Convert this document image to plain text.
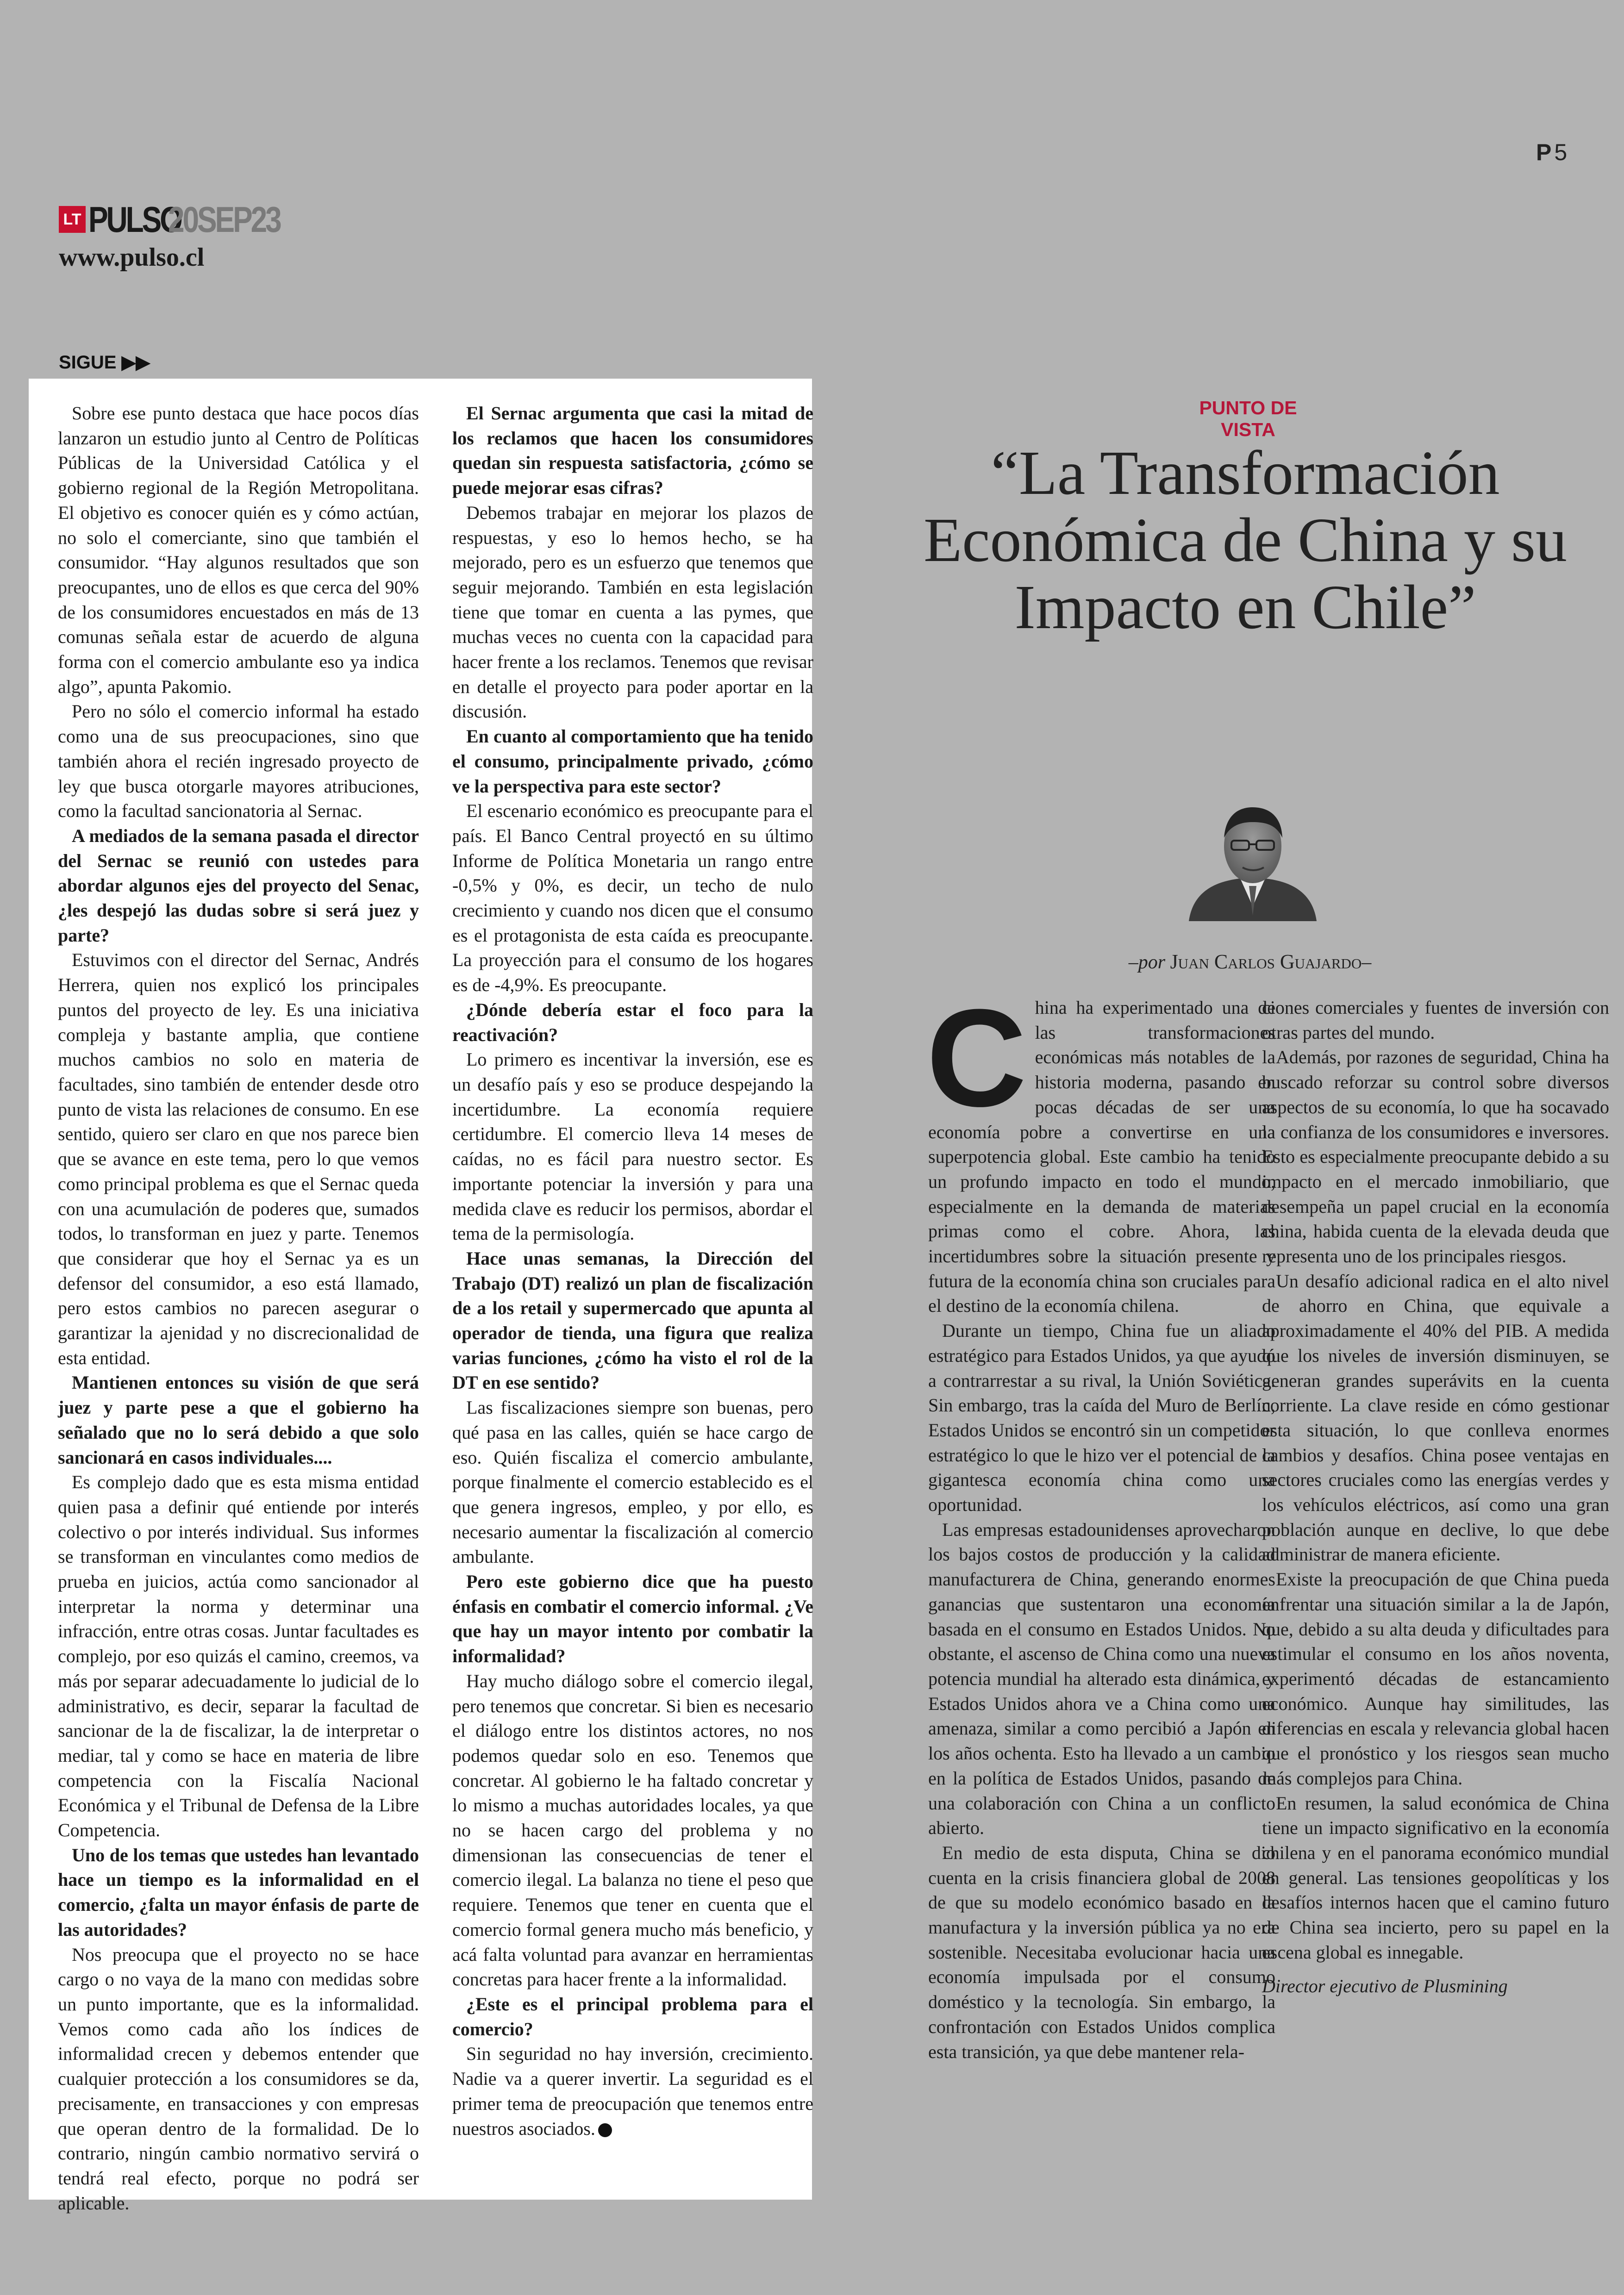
P 5
LT PULSO
20SEP23
www.pulso.cl
SIGUE ▶▶

Sobre ese punto destaca que hace pocos días lanzaron un estudio junto al Centro de Políticas Públicas de la Universidad Católica y el gobierno regional de la Región Metropolitana. El objetivo es conocer quién es y cómo actúan, no solo el comerciante, sino que también el consumidor. “Hay algunos resultados que son preocupantes, uno de ellos es que cerca del 90% de los consumidores encuestados en más de 13 comunas señala estar de acuerdo de alguna forma con el comercio ambulante eso ya indica algo”, apunta Pakomio.

Pero no sólo el comercio informal ha estado como una de sus preocupaciones, sino que también ahora el recién ingresado proyecto de ley que busca otorgarle mayores atribuciones, como la facultad sancionatoria al Sernac.

A mediados de la semana pasada el director del Sernac se reunió con ustedes para abordar algunos ejes del proyecto del Senac, ¿les despejó las dudas sobre si será juez y parte?

Estuvimos con el director del Sernac, Andrés Herrera, quien nos explicó los principales puntos del proyecto de ley. Es una iniciativa compleja y bastante amplia, que contiene muchos cambios no solo en materia de facultades, sino también de entender desde otro punto de vista las relaciones de consumo. En ese sentido, quiero ser claro en que nos parece bien que se avance en este tema, pero lo que vemos como principal problema es que el Sernac queda con una acumulación de poderes que, sumados todos, lo transforman en juez y parte. Tenemos que considerar que hoy el Sernac ya es un defensor del consumidor, a eso está llamado, pero estos cambios no parecen asegurar o garantizar la ajenidad y no discrecionalidad de esta entidad.

Mantienen entonces su visión de que será juez y parte pese a que el gobierno ha señalado que no lo será debido a que solo sancionará en casos individuales....

Es complejo dado que es esta misma entidad quien pasa a definir qué entiende por interés colectivo o por interés individual. Sus informes se transforman en vinculantes como medios de prueba en juicios, actúa como sancionador al interpretar la norma y determinar una infracción, entre otras cosas. Juntar facultades es complejo, por eso quizás el camino, creemos, va más por separar adecuadamente lo judicial de lo administrativo, es decir, separar la facultad de sancionar de la de fiscalizar, la de interpretar o mediar, tal y como se hace en materia de libre competencia con la Fiscalía Nacional Económica y el Tribunal de Defensa de la Libre Competencia.

Uno de los temas que ustedes han levantado hace un tiempo es la informalidad en el comercio, ¿falta un mayor énfasis de parte de las autoridades?

Nos preocupa que el proyecto no se hace cargo o no vaya de la mano con medidas sobre un punto importante, que es la informalidad. Vemos como cada año los índices de informalidad crecen y debemos entender que cualquier protección a los consumidores se da, precisamente, en transacciones y con empresas que operan dentro de la formalidad. De lo contrario, ningún cambio normativo servirá o tendrá real efecto, porque no podrá ser aplicable.

El Sernac argumenta que casi la mitad de los reclamos que hacen los consumidores quedan sin respuesta satisfactoria, ¿cómo se puede mejorar esas cifras?

Debemos trabajar en mejorar los plazos de respuestas, y eso lo hemos hecho, se ha mejorado, pero es un esfuerzo que tenemos que seguir mejorando. También en esta legislación tiene que tomar en cuenta a las pymes, que muchas veces no cuenta con la capacidad para hacer frente a los reclamos. Tenemos que revisar en detalle el proyecto para poder aportar en la discusión.

En cuanto al comportamiento que ha tenido el consumo, principalmente privado, ¿cómo ve la perspectiva para este sector?

El escenario económico es preocupante para el país. El Banco Central proyectó en su último Informe de Política Monetaria un rango entre -0,5% y 0%, es decir, un techo de nulo crecimiento y cuando nos dicen que el consumo es el protagonista de esta caída es preocupante. La proyección para el consumo de los hogares es de -4,9%. Es preocupante.

¿Dónde debería estar el foco para la reactivación?

Lo primero es incentivar la inversión, ese es un desafío país y eso se produce despejando la incertidumbre. La economía requiere certidumbre. El comercio lleva 14 meses de caídas, no es fácil para nuestro sector. Es importante potenciar la inversión y para una medida clave es reducir los permisos, abordar el tema de la permisología.

Hace unas semanas, la Dirección del Trabajo (DT) realizó un plan de fiscalización de a los retail y supermercado que apunta al operador de tienda, una figura que realiza varias funciones, ¿cómo ha visto el rol de la DT en ese sentido?

Las fiscalizaciones siempre son buenas, pero qué pasa en las calles, quién se hace cargo de eso. Quién fiscaliza el comercio ambulante, porque finalmente el comercio establecido es el que genera ingresos, empleo, y por ello, es necesario aumentar la fiscalización al comercio ambulante.

Pero este gobierno dice que ha puesto énfasis en combatir el comercio informal. ¿Ve que hay un mayor intento por combatir la informalidad?

Hay mucho diálogo sobre el comercio ilegal, pero tenemos que concretar. Si bien es necesario el diálogo entre los distintos actores, no nos podemos quedar solo en eso. Tenemos que concretar. Al gobierno le ha faltado concretar y lo mismo a muchas autoridades locales, ya que no se hacen cargo del problema y no dimensionan las consecuencias de tener el comercio ilegal. La balanza no tiene el peso que requiere. Tenemos que tener en cuenta que el comercio formal genera mucho más beneficio, y acá falta voluntad para avanzar en herramientas concretas para hacer frente a la informalidad.

¿Este es el principal problema para el comercio?

Sin seguridad no hay inversión, crecimiento. Nadie va a querer invertir. La seguridad es el primer tema de preocupación que tenemos entre nuestros asociados.

PUNTO DE VISTA
“La Transformación Económica de China y su Impacto en Chile”
–por Juan Carlos Guajardo–

China ha experimentado una de las transformaciones económicas más notables de la historia moderna, pasando en pocas décadas de ser una economía pobre a convertirse en una superpotencia global. Este cambio ha tenido un profundo impacto en todo el mundo, especialmente en la demanda de materias primas como el cobre. Ahora, las incertidumbres sobre la situación presente y futura de la economía china son cruciales para el destino de la economía chilena.

Durante un tiempo, China fue un aliado estratégico para Estados Unidos, ya que ayudó a contrarrestar a su rival, la Unión Soviética. Sin embargo, tras la caída del Muro de Berlín, Estados Unidos se encontró sin un competidor estratégico lo que le hizo ver el potencial de la gigantesca economía china como una oportunidad.

Las empresas estadounidenses aprovecharon los bajos costos de producción y la calidad manufacturera de China, generando enormes ganancias que sustentaron una economía basada en el consumo en Estados Unidos. No obstante, el ascenso de China como una nueva potencia mundial ha alterado esta dinámica, y Estados Unidos ahora ve a China como una amenaza, similar a como percibió a Japón en los años ochenta. Esto ha llevado a un cambio en la política de Estados Unidos, pasando de una colaboración con China a un conflicto abierto.

En medio de esta disputa, China se dio cuenta en la crisis financiera global de 2008 de que su modelo económico basado en la manufactura y la inversión pública ya no era sostenible. Necesitaba evolucionar hacia una economía impulsada por el consumo doméstico y la tecnología. Sin embargo, la confrontación con Estados Unidos complica esta transición, ya que debe mantener rela-

ciones comerciales y fuentes de inversión con otras partes del mundo.

Además, por razones de seguridad, China ha buscado reforzar su control sobre diversos aspectos de su economía, lo que ha socavado la confianza de los consumidores e inversores. Esto es especialmente preocupante debido a su impacto en el mercado inmobiliario, que desempeña un papel crucial en la economía china, habida cuenta de la elevada deuda que representa uno de los principales riesgos.

Un desafío adicional radica en el alto nivel de ahorro en China, que equivale a aproximadamente el 40% del PIB. A medida que los niveles de inversión disminuyen, se generan grandes superávits en la cuenta corriente. La clave reside en cómo gestionar esta situación, lo que conlleva enormes cambios y desafíos. China posee ventajas en sectores cruciales como las energías verdes y los vehículos eléctricos, así como una gran población aunque en declive, lo que debe administrar de manera eficiente.

Existe la preocupación de que China pueda enfrentar una situación similar a la de Japón, que, debido a su alta deuda y dificultades para estimular el consumo en los años noventa, experimentó décadas de estancamiento económico. Aunque hay similitudes, las diferencias en escala y relevancia global hacen que el pronóstico y los riesgos sean mucho más complejos para China.

En resumen, la salud económica de China tiene un impacto significativo en la economía chilena y en el panorama económico mundial en general. Las tensiones geopolíticas y los desafíos internos hacen que el camino futuro de China sea incierto, pero su papel en la escena global es innegable.

Director ejecutivo de Plusmining
